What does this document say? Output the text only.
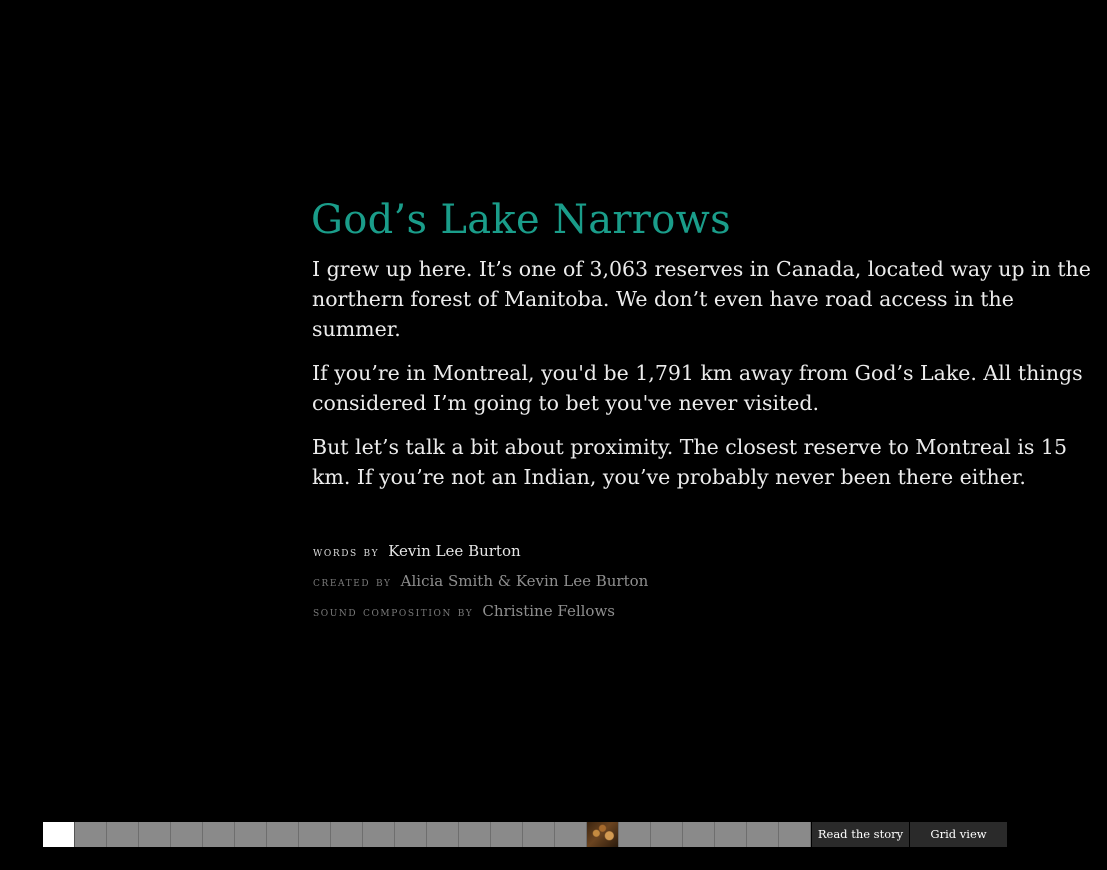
God’s Lake Narrows

I grew up here. It’s one of 3,063 reserves in Canada, located way up in the northern forest of Manitoba. We don’t even have road access in the summer.

If you’re in Montreal, you'd be 1,791 km away from God’s Lake. All things considered I’m going to bet you've never visited.

But let’s talk a bit about proximity. The closest reserve to Montreal is 15 km. If you’re not an Indian, you’ve probably never been there either.

words by Kevin Lee Burton
created by Alicia Smith & Kevin Lee Burton
sound composition by Christine Fellows
Read the story	Grid view
